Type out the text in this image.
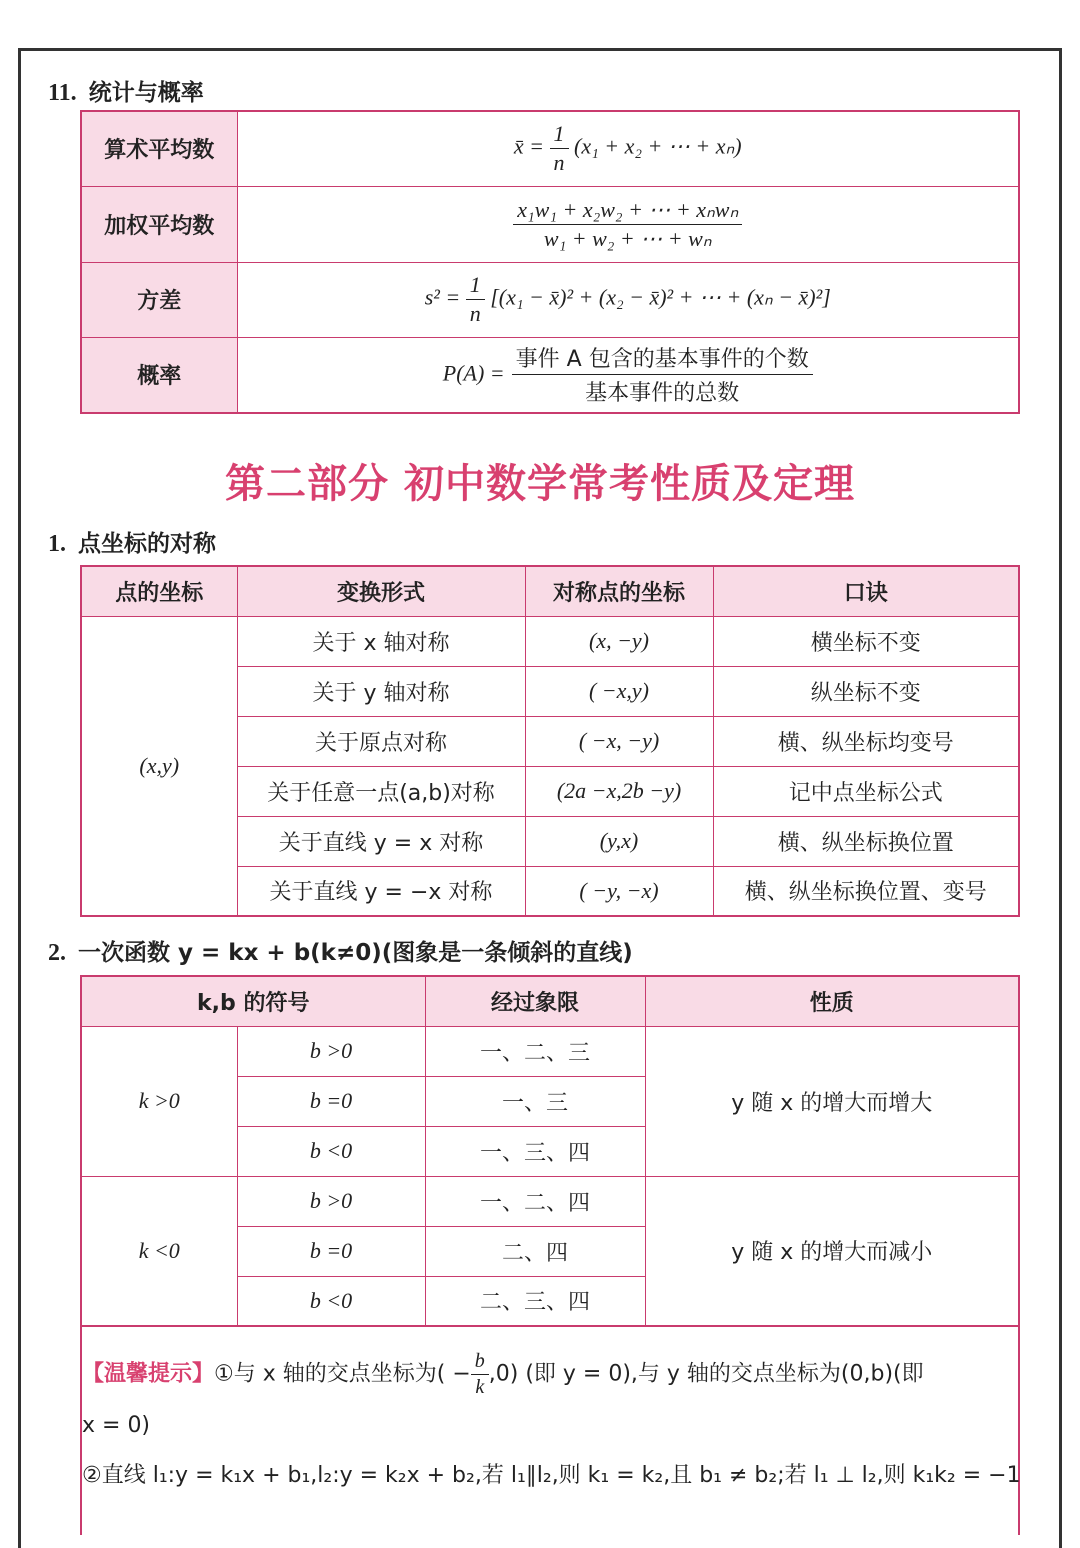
11. 统计与概率
算术平均数	x̄ = $\frac{1}{n} (x_1 + x_2$ + ⋯ + xₙ)
加权平均数	$\frac{\text{x₁w₁ + x₂w₂ + ⋯ + xₙwₙ}}{\text{w₁ + w₂ + ⋯ + wₙ}}$

方差	$s^2 = \frac{1}{n} [(x_1$ − x̄)² + (x₂ − x̄)² + ⋯ + (xₙ − x̄)²]
概率	$P(A) = \frac{\text{事件 A 包含的基本事件的个数}}{\text{基本事件的总数}}$
第二部分 初中数学常考性质及定理
1. 点坐标的对称
点的坐标	变换形式	对称点的坐标	口诀
(x,y)	关于 x 轴对称	(x, −y)	横坐标不变
	关于 y 轴对称	( −x,y)	纵坐标不变
	关于原点对称	( −x, −y)	横、纵坐标均变号
	关于任意一点(a,b)对称	(2a −x,2b −y)	记中点坐标公式
	关于直线 y = x 对称	(y,x)	横、纵坐标换位置
	关于直线 y = −x 对称	( −y, −x)	横、纵坐标换位置、变号
2. 一次函数 y = kx + b(k≠0)(图象是一条倾斜的直线)
k,b 的符号		经过象限	性质
k >0	b >0	一、二、三	y 随 x 的增大而增大
	b =0	一、三	
	b <0	一、三、四	
k <0	b >0	一、二、四	y 随 x 的增大而减小
	b =0	二、四	
	b <0	二、三、四	
【温馨提示】①与 x 轴的交点坐标为( − $\frac{b}{k} ,0$) (即 y = 0),与 y 轴的交点坐标为(0,b)(即
x = 0)
②直线 l₁:y = k₁x + b₁,l₂:y = k₂x + b₂,若 l₁∥l₂,则 k₁ = k₂,且 b₁ ≠ b₂;若 l₁ ⊥ l₂,则 k₁k₂ = −1
